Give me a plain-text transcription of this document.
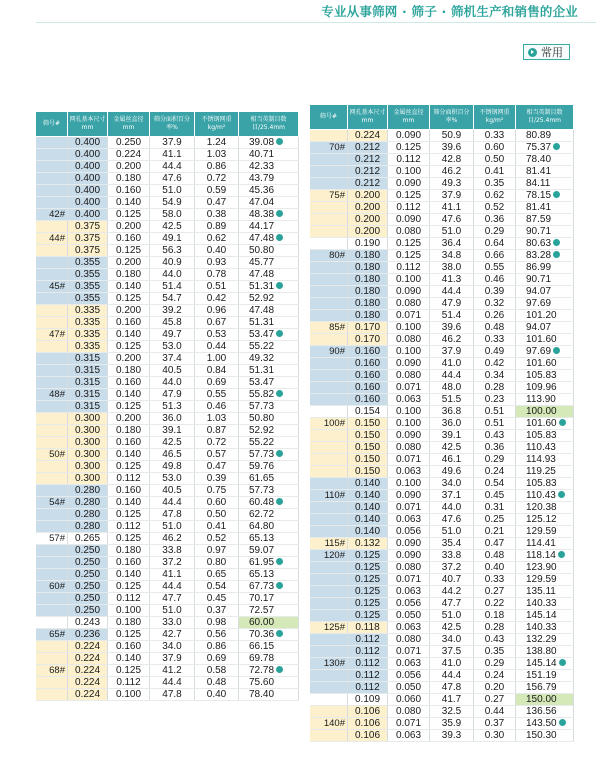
专业从事筛网 · 筛子 · 筛机生产和销售的企业
常用
筛号#	网孔基本尺寸mm	金属丝直径mm	筛分面积百分率%	不锈钢网重kg/m²	相当英制目数目/25.4mm
	0.400	0.250	37.9	1.24	39.08
	0.400	0.224	41.1	1.03	40.71
	0.400	0.200	44.4	0.86	42.33
	0.400	0.180	47.6	0.72	43.79
	0.400	0.160	51.0	0.59	45.36
	0.400	0.140	54.9	0.47	47.04
42#	0.400	0.125	58.0	0.38	48.38
	0.375	0.200	42.5	0.89	44.17
44#	0.375	0.160	49.1	0.62	47.48
	0.375	0.125	56.3	0.40	50.80
	0.355	0.200	40.9	0.93	45.77
	0.355	0.180	44.0	0.78	47.48
45#	0.355	0.140	51.4	0.51	51.31
	0.355	0.125	54.7	0.42	52.92
	0.335	0.200	39.2	0.96	47.48
	0.335	0.160	45.8	0.67	51.31
47#	0.335	0.140	49.7	0.53	53.47
	0.335	0.125	53.0	0.44	55.22
	0.315	0.200	37.4	1.00	49.32
	0.315	0.180	40.5	0.84	51.31
	0.315	0.160	44.0	0.69	53.47
48#	0.315	0.140	47.9	0.55	55.82
	0.315	0.125	51.3	0.46	57.73
	0.300	0.200	36.0	1.03	50.80
	0.300	0.180	39.1	0.87	52.92
	0.300	0.160	42.5	0.72	55.22
50#	0.300	0.140	46.5	0.57	57.73
	0.300	0.125	49.8	0.47	59.76
	0.300	0.112	53.0	0.39	61.65
	0.280	0.160	40.5	0.75	57.73
54#	0.280	0.140	44.4	0.60	60.48
	0.280	0.125	47.8	0.50	62.72
	0.280	0.112	51.0	0.41	64.80
57#	0.265	0.125	46.2	0.52	65.13
	0.250	0.180	33.8	0.97	59.07
	0.250	0.160	37.2	0.80	61.95
	0.250	0.140	41.1	0.65	65.13
60#	0.250	0.125	44.4	0.54	67.73
	0.250	0.112	47.7	0.45	70.17
	0.250	0.100	51.0	0.37	72.57
	0.243	0.180	33.0	0.98	60.00
65#	0.236	0.125	42.7	0.56	70.36
	0.224	0.160	34.0	0.86	66.15
	0.224	0.140	37.9	0.69	69.78
68#	0.224	0.125	41.2	0.58	72.78
	0.224	0.112	44.4	0.48	75.60
	0.224	0.100	47.8	0.40	78.40
筛号#	网孔基本尺寸mm	金属丝直径mm	筛分面积百分率%	不锈钢网重kg/m²	相当英制目数目/25.4mm
	0.224	0.090	50.9	0.33	80.89
70#	0.212	0.125	39.6	0.60	75.37
	0.212	0.112	42.8	0.50	78.40
	0.212	0.100	46.2	0.41	81.41
	0.212	0.090	49.3	0.35	84.11
75#	0.200	0.125	37.9	0.62	78.15
	0.200	0.112	41.1	0.52	81.41
	0.200	0.090	47.6	0.36	87.59
	0.200	0.080	51.0	0.29	90.71
	0.190	0.125	36.4	0.64	80.63
80#	0.180	0.125	34.8	0.66	83.28
	0.180	0.112	38.0	0.55	86.99
	0.180	0.100	41.3	0.46	90.71
	0.180	0.090	44.4	0.39	94.07
	0.180	0.080	47.9	0.32	97.69
	0.180	0.071	51.4	0.26	101.20
85#	0.170	0.100	39.6	0.48	94.07
	0.170	0.080	46.2	0.33	101.60
90#	0.160	0.100	37.9	0.49	97.69
	0.160	0.090	41.0	0.42	101.60
	0.160	0.080	44.4	0.34	105.83
	0.160	0.071	48.0	0.28	109.96
	0.160	0.063	51.5	0.23	113.90
	0.154	0.100	36.8	0.51	100.00
100#	0.150	0.100	36.0	0.51	101.60
	0.150	0.090	39.1	0.43	105.83
	0.150	0.080	42.5	0.36	110.43
	0.150	0.071	46.1	0.29	114.93
	0.150	0.063	49.6	0.24	119.25
	0.140	0.100	34.0	0.54	105.83
110#	0.140	0.090	37.1	0.45	110.43
	0.140	0.071	44.0	0.31	120.38
	0.140	0.063	47.6	0.25	125.12
	0.140	0.056	51.0	0.21	129.59
115#	0.132	0.090	35.4	0.47	114.41
120#	0.125	0.090	33.8	0.48	118.14
	0.125	0.080	37.2	0.40	123.90
	0.125	0.071	40.7	0.33	129.59
	0.125	0.063	44.2	0.27	135.11
	0.125	0.056	47.7	0.22	140.33
	0.125	0.050	51.0	0.18	145.14
125#	0.118	0.063	42.5	0.28	140.33
	0.112	0.080	34.0	0.43	132.29
	0.112	0.071	37.5	0.35	138.80
130#	0.112	0.063	41.0	0.29	145.14
	0.112	0.056	44.4	0.24	151.19
	0.112	0.050	47.8	0.20	156.79
	0.109	0.060	41.7	0.27	150.00
	0.106	0.080	32.5	0.44	136.56
140#	0.106	0.071	35.9	0.37	143.50
	0.106	0.063	39.3	0.30	150.30
